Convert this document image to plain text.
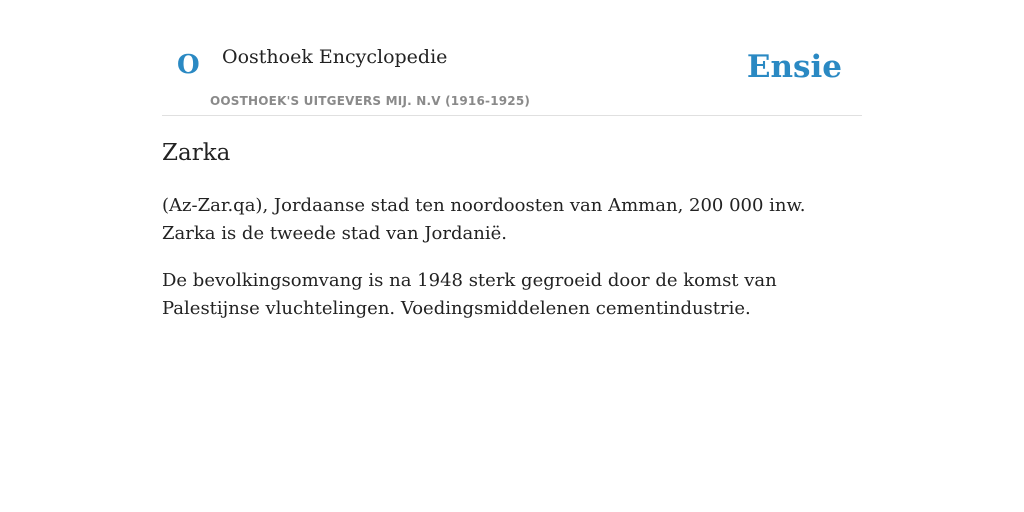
O Oosthoek Encyclopedie
OOSTHOEK'S UITGEVERS MIJ. N.V (1916-1925)
Ensie
Zarka

(Az-Zar.qa), Jordaanse stad ten noordoosten van Amman, 200 000 inw. Zarka is de tweede stad van Jordanië.

De bevolkingsomvang is na 1948 sterk gegroeid door de komst van Palestijnse vluchtelingen. Voedingsmiddelenen cementindustrie.
